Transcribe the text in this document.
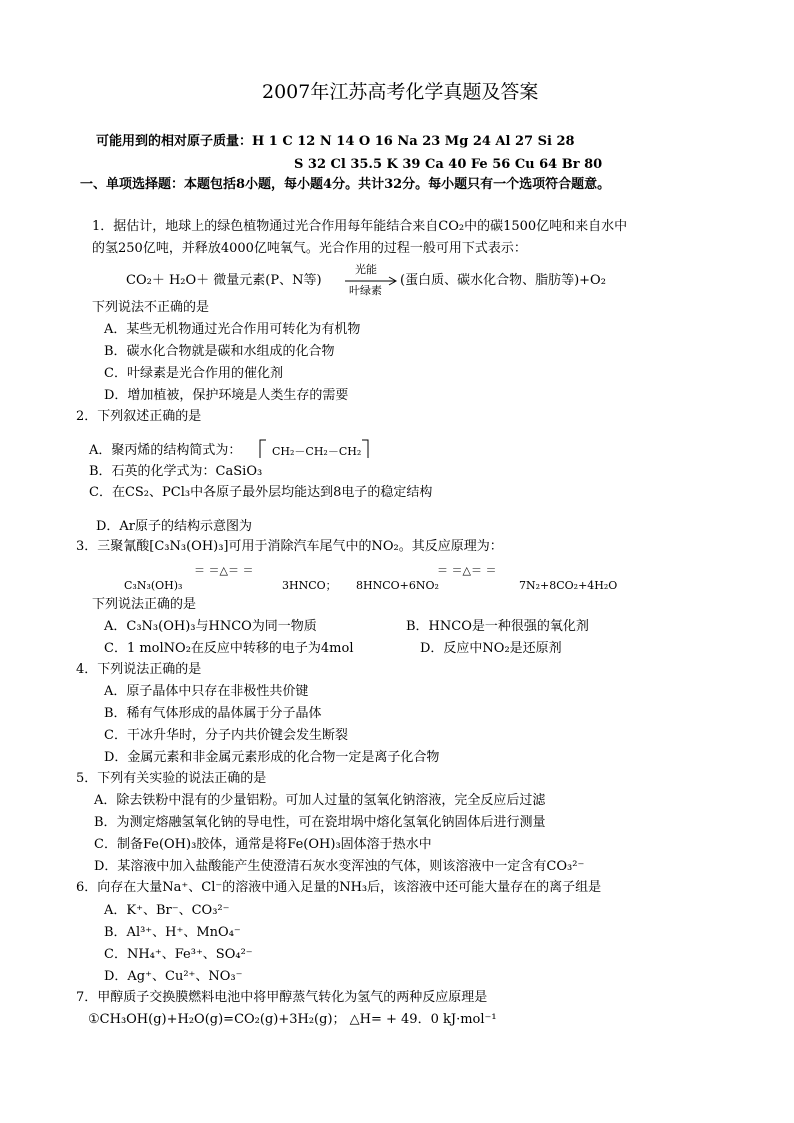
2007年江苏高考化学真题及答案
可能用到的相对原子质量：H 1 C 12 N 14 O 16 Na 23 Mg 24 Al 27 Si 28
S 32 Cl 35.5 K 39 Ca 40 Fe 56 Cu 64 Br 80
一、单项选择题：本题包括8小题，每小题4分。共计32分。每小题只有一个选项符合题意。
1．据估计，地球上的绿色植物通过光合作用每年能结合来自CO₂中的碳1500亿吨和来自水中
的氢250亿吨，并释放4000亿吨氧气。光合作用的过程一般可用下式表示：
CO₂＋ H₂O＋ 微量元素(P、N等)
光能
叶绿素
(蛋白质、碳水化合物、脂肪等)+O₂
下列说法不正确的是
A．某些无机物通过光合作用可转化为有机物
B．碳水化合物就是碳和水组成的化合物
C．叶绿素是光合作用的催化剂
D．增加植被，保护环境是人类生存的需要
2．下列叙述正确的是
A．聚丙烯的结构简式为：	CH₂－CH₂－CH₂
B．石英的化学式为：CaSiO₃
C．在CS₂、PCl₃中各原子最外层均能达到8电子的稳定结构
D．Ar原子的结构示意图为
3．三聚氰酸[C₃N₃(OH)₃]可用于消除汽车尾气中的NO₂。其反应原理为：
C₃N₃(OH)₃
＝ ＝△＝ ＝
3HNCO； 8HNCO+6NO₂
＝ ＝△＝ ＝
7N₂+8CO₂+4H₂O
下列说法正确的是
A．C₃N₃(OH)₃与HNCO为同一物质	B．HNCO是一种很强的氧化剂
C．1 molNO₂在反应中转移的电子为4mol	D．反应中NO₂是还原剂
4．下列说法正确的是
A．原子晶体中只存在非极性共价键
B．稀有气体形成的晶体属于分子晶体
C．干冰升华时，分子内共价键会发生断裂
D．金属元素和非金属元素形成的化合物一定是离子化合物
5．下列有关实验的说法正确的是
A．除去铁粉中混有的少量铝粉。可加人过量的氢氧化钠溶液，完全反应后过滤
B．为测定熔融氢氧化钠的导电性，可在瓷坩埚中熔化氢氧化钠固体后进行测量
C．制备Fe(OH)₃胶体，通常是将Fe(OH)₃固体溶于热水中
D．某溶液中加入盐酸能产生使澄清石灰水变浑浊的气体，则该溶液中一定含有CO₃²⁻
6．向存在大量Na⁺、Cl⁻的溶液中通入足量的NH₃后，该溶液中还可能大量存在的离子组是
A．K⁺、Br⁻、CO₃²⁻
B．Al³⁺、H⁺、MnO₄⁻
C．NH₄⁺、Fe³⁺、SO₄²⁻
D．Ag⁺、Cu²⁺、NO₃⁻
7．甲醇质子交换膜燃料电池中将甲醇蒸气转化为氢气的两种反应原理是
①CH₃OH(g)+H₂O(g)=CO₂(g)+3H₂(g)； △H= + 49．0 kJ·mol⁻¹
